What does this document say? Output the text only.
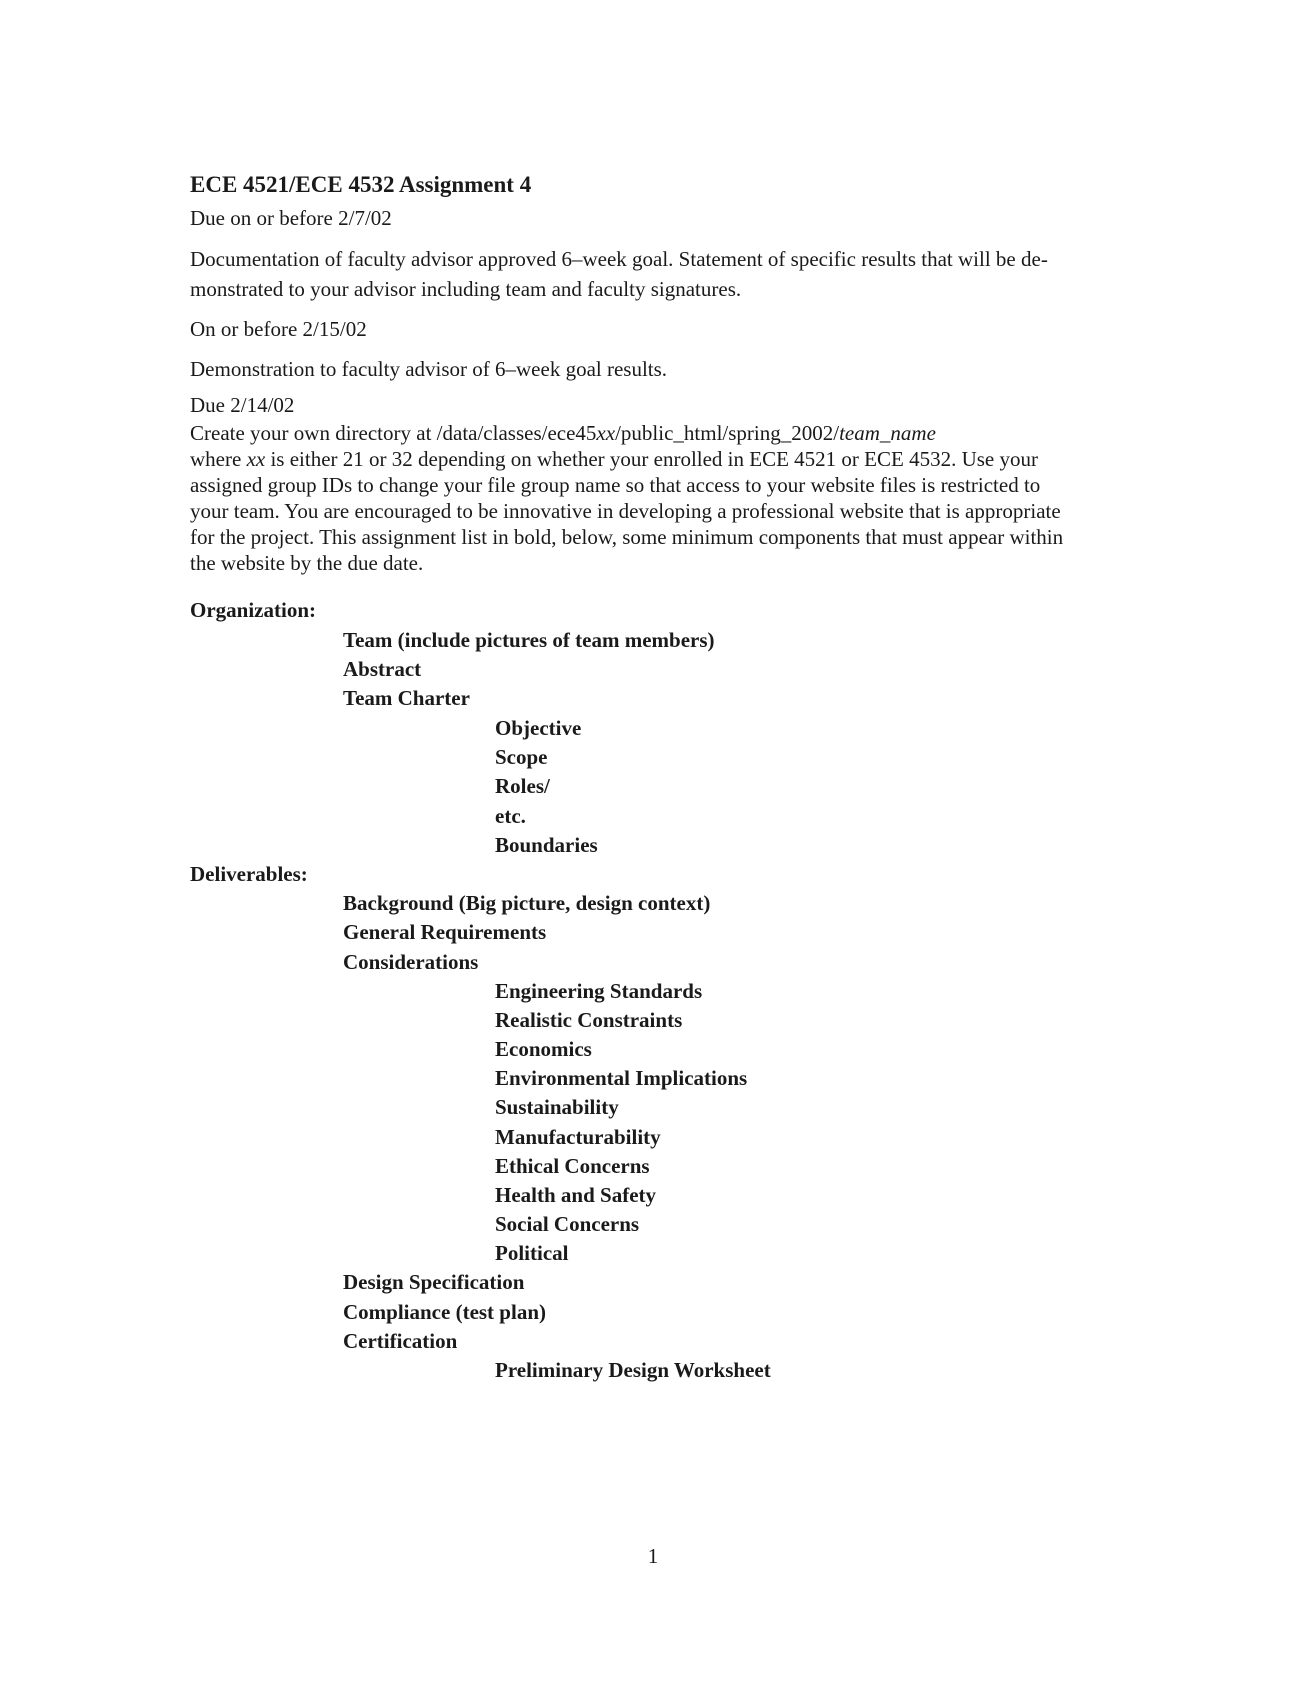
ECE 4521/ECE 4532 Assignment 4
Due on or before 2/7/02
Documentation of faculty advisor approved 6–week goal. Statement of specific results that will be de-
monstrated to your advisor including team and faculty signatures.
On or before 2/15/02
Demonstration to faculty advisor of 6–week goal results.
Due 2/14/02
Create your own directory at /data/classes/ece45xx/public_html/spring_2002/team_name
where xx is either 21 or 32 depending on whether your enrolled in ECE 4521 or ECE 4532. Use your
assigned group IDs to change your file group name so that access to your website files is restricted to
your team. You are encouraged to be innovative in developing a professional website that is appropriate
for the project. This assignment list in bold, below, some minimum components that must appear within
the website by the due date.
Organization:
Team (include pictures of team members)
Abstract
Team Charter
Objective
Scope
Roles/
etc.
Boundaries
Deliverables:
Background (Big picture, design context)
General Requirements
Considerations
Engineering Standards
Realistic Constraints
Economics
Environmental Implications
Sustainability
Manufacturability
Ethical Concerns
Health and Safety
Social Concerns
Political
Design Specification
Compliance (test plan)
Certification
Preliminary Design Worksheet
1
